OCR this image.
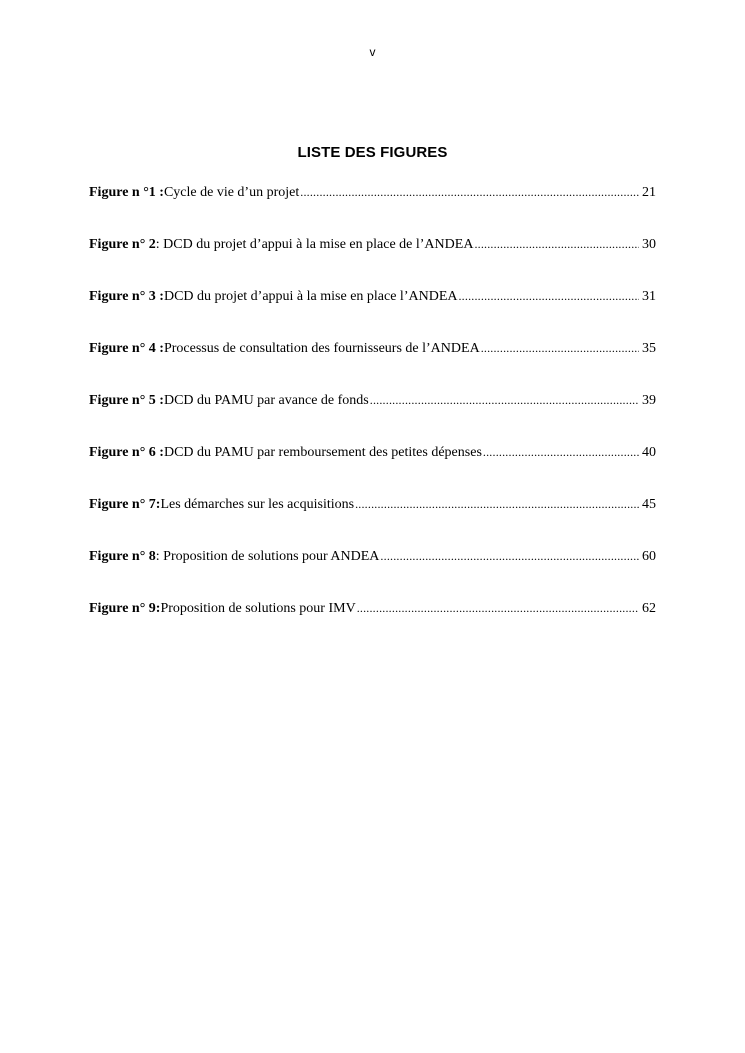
v
LISTE DES FIGURES
Figure n °1 : Cycle de vie d’un projet .....	21
Figure n° 2 : DCD du projet d’appui à la mise en place de l’ANDEA .....	30
Figure n° 3 : DCD du projet d’appui à la mise en place l’ANDEA .....	31
Figure n° 4 : Processus de consultation des fournisseurs de l’ANDEA .....	35
Figure n° 5 : DCD du PAMU par avance de fonds .....	39
Figure n° 6 : DCD du PAMU par remboursement des petites dépenses .....	40
Figure n° 7: Les démarches sur les acquisitions .....	45
Figure n° 8 : Proposition de solutions pour ANDEA .....	60
Figure n° 9: Proposition de solutions pour IMV .....	62
